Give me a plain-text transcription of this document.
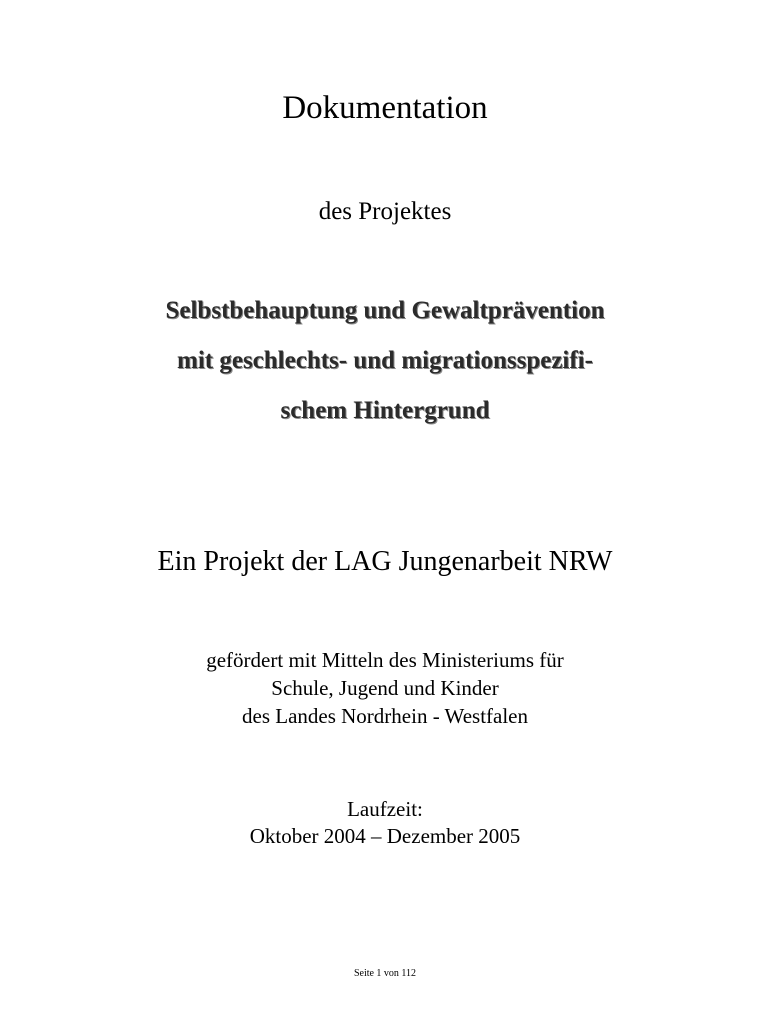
Dokumentation
des Projektes
Selbstbehauptung und Gewaltprävention
mit geschlechts- und migrationsspezifi-
schem Hintergrund
Ein Projekt der LAG Jungenarbeit NRW
gefördert mit Mitteln des Ministeriums für
Schule, Jugend und Kinder
des Landes Nordrhein - Westfalen
Laufzeit:
Oktober 2004 – Dezember 2005
Seite 1 von 112
